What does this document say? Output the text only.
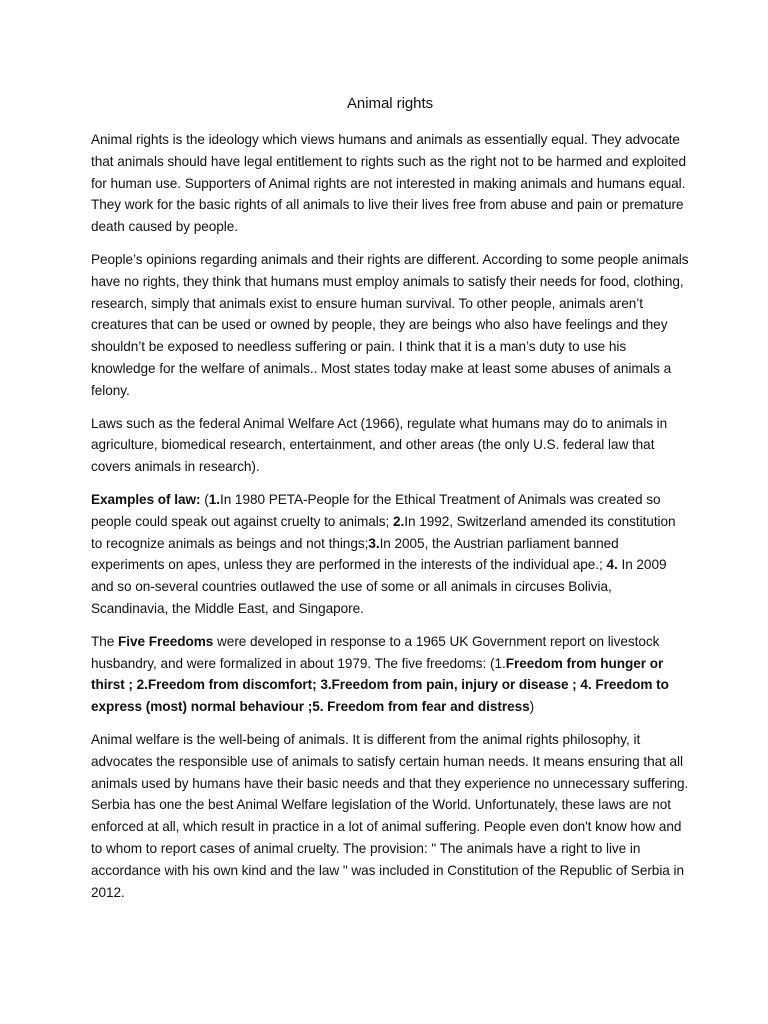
Animal rights

Animal rights is the ideology which views humans and animals as essentially equal. They advocate that animals should have legal entitlement to rights such as the right not to be harmed and exploited for human use. Supporters of Animal rights are not interested in making animals and humans equal. They work for the basic rights of all animals to live their lives free from abuse and pain or premature death caused by people.

People’s opinions regarding animals and their rights are different. According to some people animals have no rights, they think that humans must employ animals to satisfy their needs for food, clothing, research, simply that animals exist to ensure human survival. To other people, animals aren’t creatures that can be used or owned by people, they are beings who also have feelings and they shouldn’t be exposed to needless suffering or pain. I think that it is a man’s duty to use his knowledge for the welfare of animals.. Most states today make at least some abuses of animals a felony.

Laws such as the federal Animal Welfare Act (1966), regulate what humans may do to animals in agriculture, biomedical research, entertainment, and other areas (the only U.S. federal law that covers animals in research).

Examples of law: (1.In 1980 PETA-People for the Ethical Treatment of Animals was created so people could speak out against cruelty to animals; 2.In 1992, Switzerland amended its constitution to recognize animals as beings and not things;3.In 2005, the Austrian parliament banned experiments on apes, unless they are performed in the interests of the individual ape.; 4. In 2009 and so on-several countries outlawed the use of some or all animals in circuses Bolivia, Scandinavia, the Middle East, and Singapore.

The Five Freedoms were developed in response to a 1965 UK Government report on livestock husbandry, and were formalized in about 1979. The five freedoms: (1.Freedom from hunger or thirst ; 2.Freedom from discomfort; 3.Freedom from pain, injury or disease ; 4. Freedom to express (most) normal behaviour ;5. Freedom from fear and distress)

Animal welfare is the well-being of animals. It is different from the animal rights philosophy, it advocates the responsible use of animals to satisfy certain human needs. It means ensuring that all animals used by humans have their basic needs and that they experience no unnecessary suffering. Serbia has one the best Animal Welfare legislation of the World. Unfortunately, these laws are not enforced at all, which result in practice in a lot of animal suffering. People even don't know how and to whom to report cases of animal cruelty. The provision: " The animals have a right to live in accordance with his own kind and the law " was included in Constitution of the Republic of Serbia in 2012.
